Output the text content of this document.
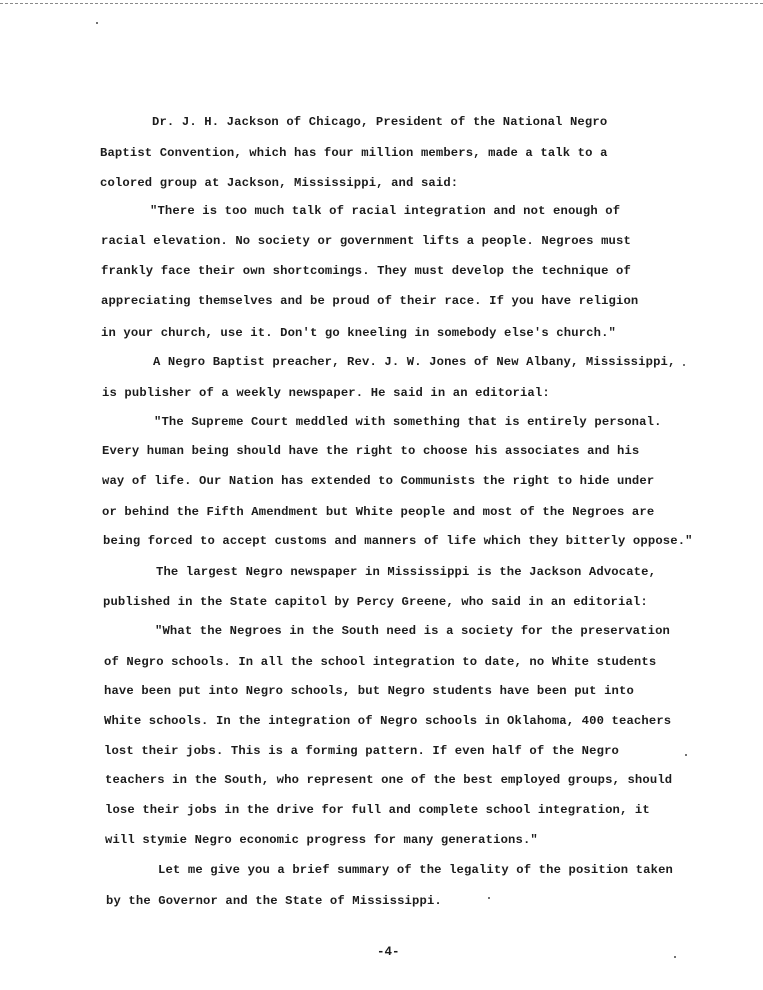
Dr. J. H. Jackson of Chicago, President of the National Negro
Baptist Convention, which has four million members, made a talk to a
colored group at Jackson, Mississippi, and said:
"There is too much talk of racial integration and not enough of
racial elevation. No society or government lifts a people. Negroes must
frankly face their own shortcomings. They must develop the technique of
appreciating themselves and be proud of their race. If you have religion
in your church, use it. Don't go kneeling in somebody else's church."
A Negro Baptist preacher, Rev. J. W. Jones of New Albany, Mississippi,
is publisher of a weekly newspaper. He said in an editorial:
"The Supreme Court meddled with something that is entirely personal.
Every human being should have the right to choose his associates and his
way of life. Our Nation has extended to Communists the right to hide under
or behind the Fifth Amendment but White people and most of the Negroes are
being forced to accept customs and manners of life which they bitterly oppose."
The largest Negro newspaper in Mississippi is the Jackson Advocate,
published in the State capitol by Percy Greene, who said in an editorial:
"What the Negroes in the South need is a society for the preservation
of Negro schools. In all the school integration to date, no White students
have been put into Negro schools, but Negro students have been put into
White schools. In the integration of Negro schools in Oklahoma, 400 teachers
lost their jobs. This is a forming pattern. If even half of the Negro
teachers in the South, who represent one of the best employed groups, should
lose their jobs in the drive for full and complete school integration, it
will stymie Negro economic progress for many generations."
Let me give you a brief summary of the legality of the position taken
by the Governor and the State of Mississippi.
-4-
